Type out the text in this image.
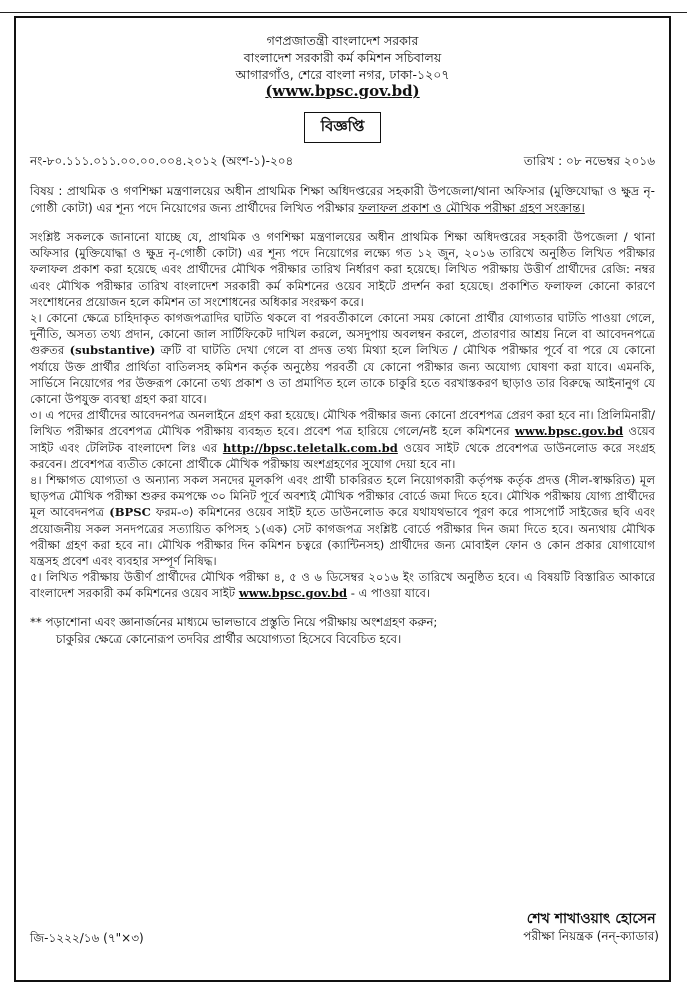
গণপ্রজাতন্ত্রী বাংলাদেশ সরকার
বাংলাদেশ সরকারী কর্ম কমিশন সচিবালয়
আগারগাঁও, শেরে বাংলা নগর, ঢাকা-১২০৭
(www.bpsc.gov.bd)
বিজ্ঞপ্তি
নং-৮০.১১১.০১১.০০.০০.০০৪.২০১২ (অংশ-১)-২০৪	তারিখ : ০৮ নভেম্বর ২০১৬
বিষয় : প্রাথমিক ও গণশিক্ষা মন্ত্রণালয়ের অধীন প্রাথমিক শিক্ষা অধিদপ্তরের সহকারী উপজেলা/থানা অফিসার (মুক্তিযোদ্ধা ও ক্ষুদ্র নৃ-গোষ্ঠী কোটা) এর শূন্য পদে নিয়োগের জন্য প্রার্থীদের লিখিত পরীক্ষার ফলাফল প্রকাশ ও মৌখিক পরীক্ষা গ্রহণ সংক্রান্ত।

সংশ্লিষ্ট সকলকে জানানো যাচ্ছে যে, প্রাথমিক ও গণশিক্ষা মন্ত্রণালয়ের অধীন প্রাথমিক শিক্ষা অধিদপ্তরের সহকারী উপজেলা / থানা অফিসার (মুক্তিযোদ্ধা ও ক্ষুদ্র নৃ-গোষ্ঠী কোটা) এর শূন্য পদে নিয়োগের লক্ষ্যে গত ১২ জুন, ২০১৬ তারিখে অনুষ্ঠিত লিখিত পরীক্ষার ফলাফল প্রকাশ করা হয়েছে এবং প্রার্থীদের মৌখিক পরীক্ষার তারিখ নির্ধারণ করা হয়েছে। লিখিত পরীক্ষায় উত্তীর্ণ প্রার্থীদের রেজি: নম্বর এবং মৌখিক পরীক্ষার তারিখ বাংলাদেশ সরকারী কর্ম কমিশনের ওয়েব সাইটে প্রদর্শন করা হয়েছে। প্রকাশিত ফলাফল কোনো কারণে সংশোধনের প্রয়োজন হলে কমিশন তা সংশোধনের অধিকার সংরক্ষণ করে।

২। কোনো ক্ষেত্রে চাহিদাকৃত কাগজপত্রাদির ঘাটতি থকলে বা পরবর্তীকালে কোনো সময় কোনো প্রার্থীর যোগ্যতার ঘাটতি পাওয়া গেলে, দুর্নীতি, অসত্য তথ্য প্রদান, কোনো জাল সার্টিফিকেট দাখিল করলে, অসদুপায় অবলম্বন করলে, প্রতারণার আশ্রয় নিলে বা আবেদনপত্রে গুরুতর (substantive) ত্রুটি বা ঘাটতি দেখা গেলে বা প্রদত্ত তথ্য মিথ্যা হলে লিখিত / মৌখিক পরীক্ষার পূর্বে বা পরে যে কোনো পর্যায়ে উক্ত প্রার্থীর প্রার্থিতা বাতিলসহ কমিশন কর্তৃক অনুষ্ঠেয় পরবর্তী যে কোনো পরীক্ষার জন্য অযোগ্য ঘোষণা করা যাবে। এমনকি, সার্ভিসে নিয়োগের পর উক্তরূপ কোনো তথ্য প্রকাশ ও তা প্রমাণিত হলে তাকে চাকুরি হতে বরখাস্তকরণ ছাড়াও তার বিরুদ্ধে আইনানুগ যে কোনো উপযুক্ত ব্যবস্থা গ্রহণ করা যাবে।

৩। এ পদের প্রার্থীদের আবেদনপত্র অনলাইনে গ্রহণ করা হয়েছে। মৌখিক পরীক্ষার জন্য কোনো প্রবেশপত্র প্রেরণ করা হবে না। প্রিলিমিনারী/লিখিত পরীক্ষার প্রবেশপত্র মৌখিক পরীক্ষায় ব্যবহৃত হবে। প্রবেশ পত্র হারিয়ে গেলে/নষ্ট হলে কমিশনের www.bpsc.gov.bd ওয়েব সাইট এবং টেলিটক বাংলাদেশ লিঃ এর http://bpsc.teletalk.com.bd ওয়েব সাইট থেকে প্রবেশপত্র ডাউনলোড করে সংগ্রহ করবেন। প্রবেশপত্র ব্যতীত কোনো প্রার্থীকে মৌখিক পরীক্ষায় অংশগ্রহণের সুযোগ দেয়া হবে না।

৪। শিক্ষাগত যোগ্যতা ও অন্যান্য সকল সনদের মূলকপি এবং প্রার্থী চাকরিরত হলে নিয়োগকারী কর্তৃপক্ষ কর্তৃক প্রদত্ত (সীল-স্বাক্ষরিত) মূল ছাড়পত্র মৌখিক পরীক্ষা শুরুর কমপক্ষে ৩০ মিনিট পূর্বে অবশ্যই মৌখিক পরীক্ষার বোর্ডে জমা দিতে হবে। মৌখিক পরীক্ষায় যোগ্য প্রার্থীদের মূল আবেদনপত্র (BPSC ফরম-৩) কমিশনের ওয়েব সাইট হতে ডাউনলোড করে যথাযথভাবে পূরণ করে পাসপোর্ট সাইজের ছবি এবং প্রয়োজনীয় সকল সনদপত্রের সত্যায়িত কপিসহ ১(এক) সেট কাগজপত্র সংশ্লিষ্ট বোর্ডে পরীক্ষার দিন জমা দিতে হবে। অন্যথায় মৌখিক পরীক্ষা গ্রহণ করা হবে না। মৌখিক পরীক্ষার দিন কমিশন চত্বরে (ক্যান্টিনসহ) প্রার্থীদের জন্য মোবাইল ফোন ও কোন প্রকার যোগাযোগ যন্ত্রসহ প্রবেশ এবং ব্যবহার সম্পূর্ণ নিষিদ্ধ।

৫। লিখিত পরীক্ষায় উত্তীর্ণ প্রার্থীদের মৌখিক পরীক্ষা ৪, ৫ ও ৬ ডিসেম্বর ২০১৬ ইং তারিখে অনুষ্ঠিত হবে। এ বিষয়টি বিস্তারিত আকারে বাংলাদেশ সরকারী কর্ম কমিশনের ওয়েব সাইট www.bpsc.gov.bd - এ পাওয়া যাবে।

** পড়াশোনা এবং জ্ঞানার্জনের মাধ্যমে ভালভাবে প্রস্তুতি নিয়ে পরীক্ষায় অংশগ্রহণ করুন;
চাকুরির ক্ষেত্রে কোনোরূপ তদবির প্রার্থীর অযোগ্যতা হিসেবে বিবেচিত হবে।
শেখ শাখাওয়াৎ হোসেন
পরীক্ষা নিয়ন্ত্রক (নন্-ক্যাডার)
জি-১২২২/১৬ (৭"×৩)
